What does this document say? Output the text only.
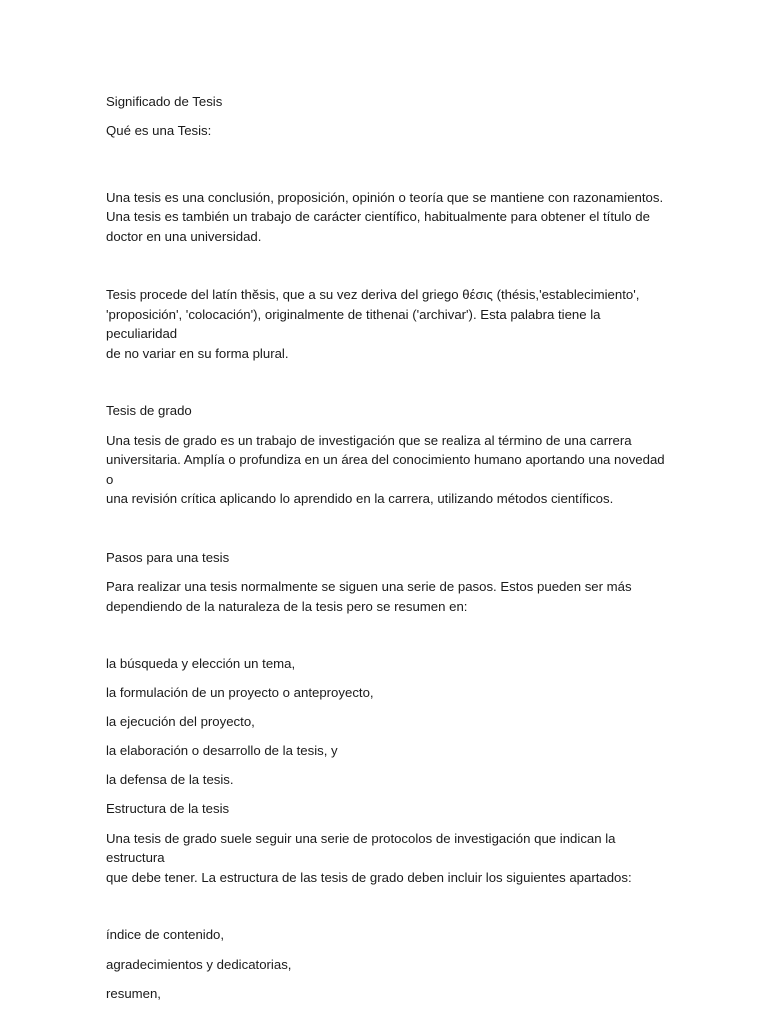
Significado de Tesis

Qué es una Tesis:

Una tesis es una conclusión, proposición, opinión o teoría que se mantiene con razonamientos.
Una tesis es también un trabajo de carácter científico, habitualmente para obtener el título de
doctor en una universidad.

Tesis procede del latín thĕsis, que a su vez deriva del griego θέσις (thésis,'establecimiento',
'proposición', 'colocación'), originalmente de tithenai ('archivar'). Esta palabra tiene la peculiaridad
de no variar en su forma plural.

Tesis de grado

Una tesis de grado es un trabajo de investigación que se realiza al término de una carrera
universitaria. Amplía o profundiza en un área del conocimiento humano aportando una novedad o
una revisión crítica aplicando lo aprendido en la carrera, utilizando métodos científicos.

Pasos para una tesis

Para realizar una tesis normalmente se siguen una serie de pasos. Estos pueden ser más
dependiendo de la naturaleza de la tesis pero se resumen en:

la búsqueda y elección un tema,

la formulación de un proyecto o anteproyecto,

la ejecución del proyecto,

la elaboración o desarrollo de la tesis, y

la defensa de la tesis.

Estructura de la tesis

Una tesis de grado suele seguir una serie de protocolos de investigación que indican la estructura
que debe tener. La estructura de las tesis de grado deben incluir los siguientes apartados:

índice de contenido,

agradecimientos y dedicatorias,

resumen,
